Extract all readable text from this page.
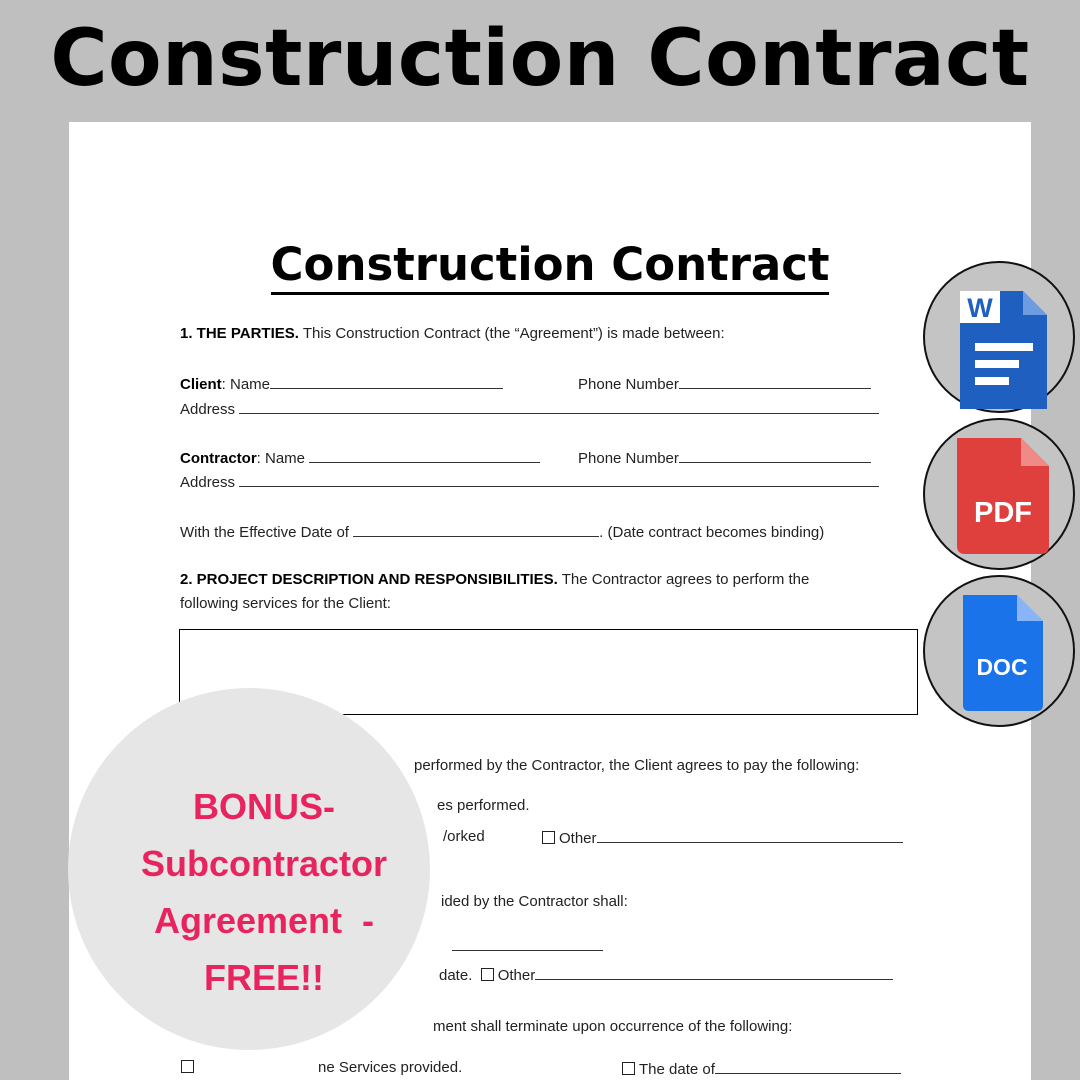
Construction Contract
Construction Contract
1. THE PARTIES. This Construction Contract (the “Agreement”) is made between:
Client: Name	Phone Number
Address
Contractor: Name	Phone Number
Address
With the Effective Date of	. (Date contract becomes binding)
2. PROJECT DESCRIPTION AND RESPONSIBILITIES. The Contractor agrees to perform the
following services for the Client:
performed by the Contractor, the Client agrees to pay the following:
es performed.
/orked	Other
ided by the Contractor shall:
date. Other
ment shall terminate upon occurrence of the following:
ne Services provided.	The date of
W
PDF
DOC
BONUS-
Subcontractor
Agreement  -
FREE!!
